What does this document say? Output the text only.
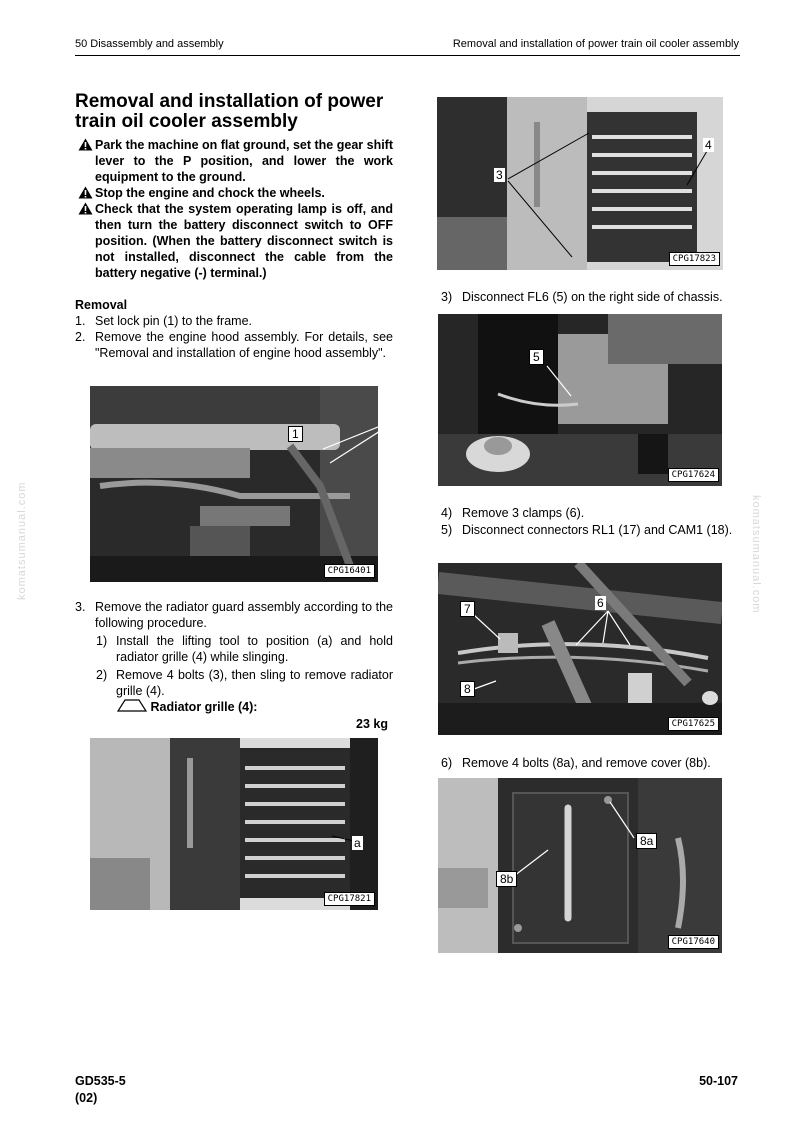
50 Disassembly and assembly	Removal and installation of power train oil cooler assembly
komatsumanual.com	komatsumanual.com
Removal and installation of power train oil cooler assembly
Park the machine on flat ground, set the gear shift lever to the P position, and lower the work equipment to the ground.
Stop the engine and chock the wheels.
Check that the system operating lamp is off, and then turn the battery disconnect switch to OFF position. (When the battery disconnect switch is not installed, disconnect the cable from the battery negative (-) terminal.)
Removal
1. Set lock pin (1) to the frame.
2. Remove the engine hood assembly. For details, see "Removal and installation of engine hood assembly".
1
CPG16401
3. Remove the radiator guard assembly according to the following procedure.
1) Install the lifting tool to position (a) and hold radiator grille (4) while slinging.
2) Remove 4 bolts (3), then sling to remove radiator grille (4).
Radiator grille (4):
23 kg
a
CPG17821
3
4
CPG17823
3) Disconnect FL6 (5) on the right side of chassis.
5
CPG17624
4) Remove 3 clamps (6).
5) Disconnect connectors RL1 (17) and CAM1 (18).
6
7
8
CPG17625
6) Remove 4 bolts (8a), and remove cover (8b).
8a
8b
CPG17640
GD535-5
(02)
50-107
